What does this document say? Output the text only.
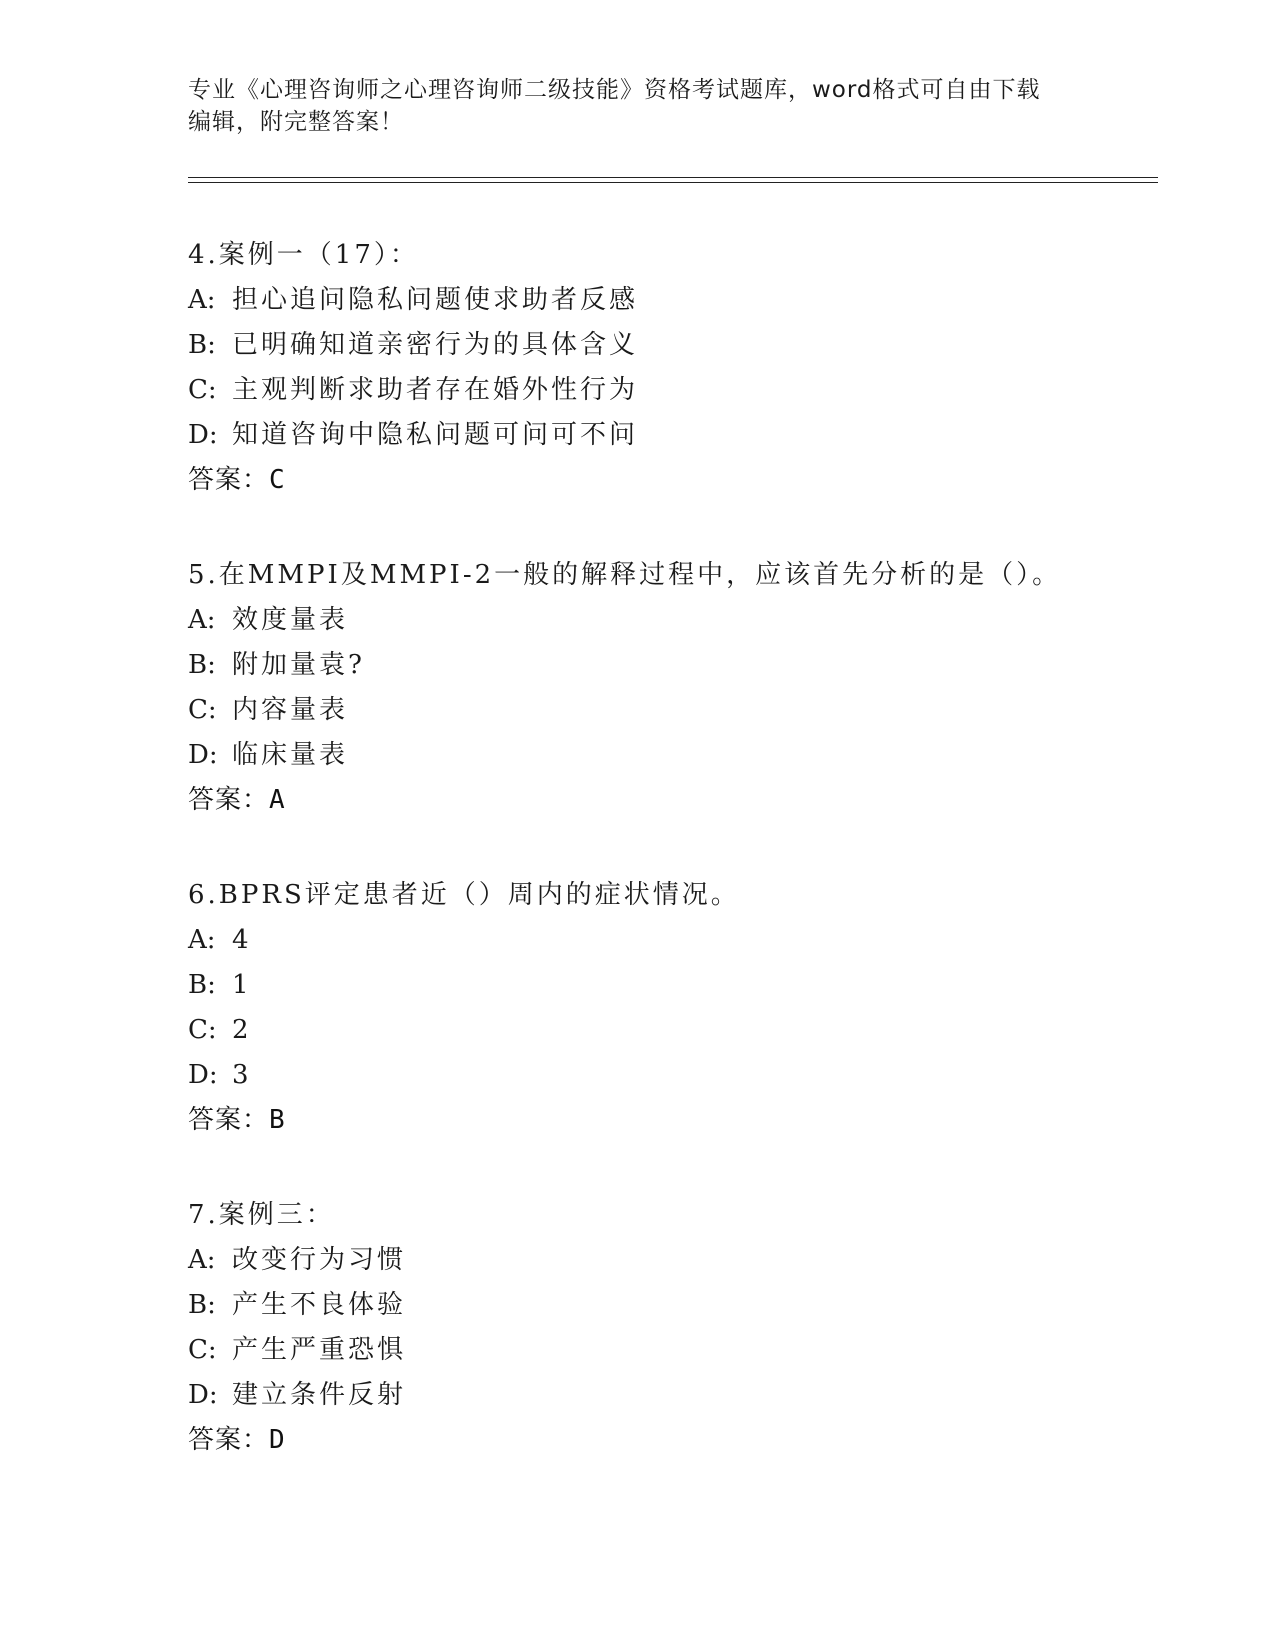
专业《心理咨询师之心理咨询师二级技能》资格考试题库，word格式可自由下载
编辑，附完整答案！

4.案例一（17）：
A: 担心追问隐私问题使求助者反感
B: 已明确知道亲密行为的具体含义
C: 主观判断求助者存在婚外性行为
D: 知道咨询中隐私问题可问可不问
答案：C
5.在MMPI及MMPI-2一般的解释过程中，应该首先分析的是（）。
A: 效度量表
B: 附加量袁?
C: 内容量表
D: 临床量表
答案：A
6.BPRS评定患者近（）周内的症状情况。
A: 4
B: 1
C: 2
D: 3
答案：B
7.案例三：
A: 改变行为习惯
B: 产生不良体验
C: 产生严重恐惧
D: 建立条件反射
答案：D
